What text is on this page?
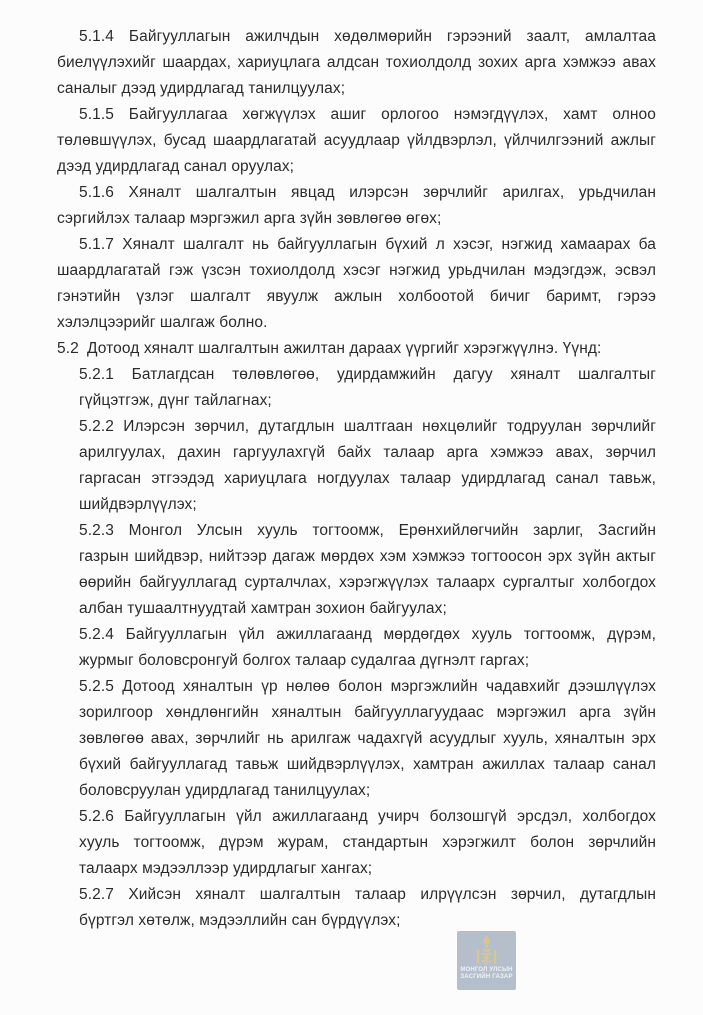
5.1.4 Байгууллагын ажилчдын хөдөлмөрийн гэрээний заалт, амлалтаа
биелүүлэхийг шаардах, хариуцлага алдсан тохиолдолд зохих арга хэмжээ авах
саналыг дээд удирдлагад танилцуулах;
5.1.5 Байгууллагаа хөгжүүлэх ашиг орлогоо нэмэгдүүлэх, хамт олноо
төлөвшүүлэх, бусад шаардлагатай асуудлаар үйлдвэрлэл, үйлчилгээний ажлыг
дээд удирдлагад санал оруулах;
5.1.6 Хяналт шалгалтын явцад илэрсэн зөрчлийг арилгах, урьдчилан
сэргийлэх талаар мэргэжил арга зүйн зөвлөгөө өгөх;
5.1.7 Хяналт шалгалт нь байгууллагын бүхий л хэсэг, нэгжид хамаарах ба
шаардлагатай гэж үзсэн тохиолдолд хэсэг нэгжид урьдчилан мэдэгдэж, эсвэл
гэнэтийн үзлэг шалгалт явуулж ажлын холбоотой бичиг баримт, гэрээ
хэлэлцээрийг шалгаж болно.
5.2 Дотоод хяналт шалгалтын ажилтан дараах үүргийг хэрэгжүүлнэ. Үүнд:
5.2.1 Батлагдсан төлөвлөгөө, удирдамжийн дагуу хяналт шалгалтыг
гүйцэтгэж, дүнг тайлагнах;
5.2.2 Илэрсэн зөрчил, дутагдлын шалтгаан нөхцөлийг тодруулан зөрчлийг
арилгуулах, дахин гаргуулахгүй байх талаар арга хэмжээ авах, зөрчил
гаргасан этгээдэд хариуцлага ногдуулах талаар удирдлагад санал тавьж,
шийдвэрлүүлэх;
5.2.3 Монгол Улсын хууль тогтоомж, Ерөнхийлөгчийн зарлиг, Засгийн
газрын шийдвэр, нийтээр дагаж мөрдөх хэм хэмжээ тогтоосон эрх зүйн актыг
өөрийн байгууллагад сурталчлах, хэрэгжүүлэх талаарх сургалтыг холбогдох
албан тушаалтнуудтай хамтран зохион байгуулах;
5.2.4 Байгууллагын үйл ажиллагаанд мөрдөгдөх хууль тогтоомж, дүрэм,
журмыг боловсронгуй болгох талаар судалгаа дүгнэлт гаргах;
5.2.5 Дотоод хяналтын үр нөлөө болон мэргэжлийн чадавхийг дээшлүүлэх
зорилгоор хөндлөнгийн хяналтын байгууллагуудаас мэргэжил арга зүйн
зөвлөгөө авах, зөрчлийг нь арилгаж чадахгүй асуудлыг хууль, хяналтын эрх
бүхий байгууллагад тавьж шийдвэрлүүлэх, хамтран ажиллах талаар санал
боловсруулан удирдлагад танилцуулах;
5.2.6 Байгууллагын үйл ажиллагаанд учирч болзошгүй эрсдэл, холбогдох
хууль тогтоомж, дүрэм журам, стандартын хэрэгжилт болон зөрчлийн
талаарх мэдээллээр удирдлагыг хангах;
5.2.7 Хийсэн хяналт шалгалтын талаар илрүүлсэн зөрчил, дутагдлын
бүртгэл хөтөлж, мэдээллийн сан бүрдүүлэх;
МОНГОЛ УЛСЫН
ЗАСГИЙН ГАЗАР
